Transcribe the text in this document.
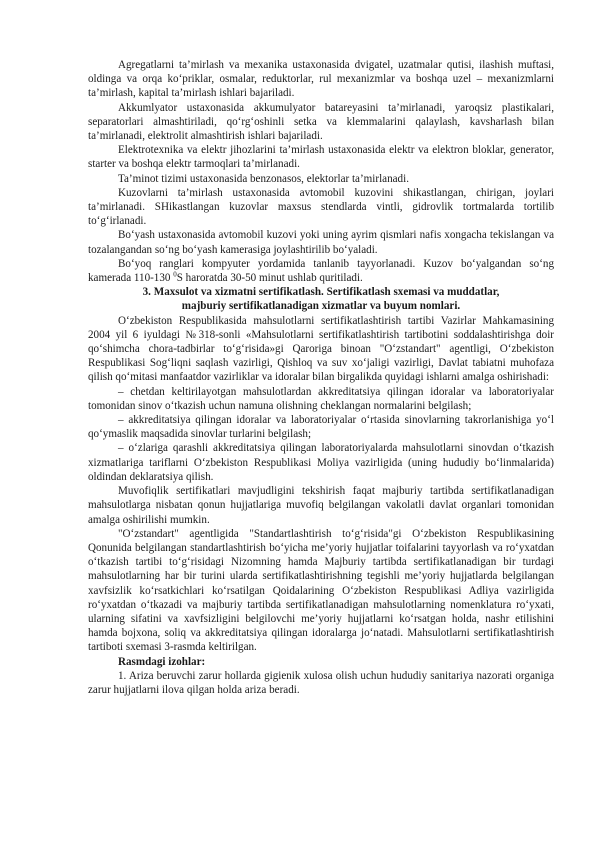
Agregatlarni ta’mirlash va mexanika ustaxonasida dvigatel, uzatmalar qutisi, ilashish muftasi, oldinga va orqa ko‘priklar, osmalar, reduktorlar, rul mexanizmlar va boshqa uzel – mexanizmlarni ta’mirlash, kapital ta’mirlash ishlari bajariladi.

Akkumlyator ustaxonasida akkumulyator batareyasini ta’mirlanadi, yaroqsiz plastikalari, separatorlari almashtiriladi, qo‘rg‘oshinli setka va klemmalarini qalaylash, kavsharlash bilan ta’mirlanadi, elektrolit almashtirish ishlari bajariladi.

Elektrotexnika va elektr jihozlarini ta’mirlash ustaxonasida elektr va elektron bloklar, generator, starter va boshqa elektr tarmoqlari ta’mirlanadi.

Ta’minot tizimi ustaxonasida benzonasos, elektorlar ta’mirlanadi.

Kuzovlarni ta’mirlash ustaxonasida avtomobil kuzovini shikastlangan, chirigan, joylari ta’mirlanadi. SHikastlangan kuzovlar maxsus stendlarda vintli, gidrovlik tortmalarda tortilib to‘g‘irlanadi.

Bo‘yash ustaxonasida avtomobil kuzovi yoki uning ayrim qismlari nafis xongacha tekislangan va tozalangandan so‘ng bo‘yash kamerasiga joylashtirilib bo‘yaladi.

Bo‘yoq ranglari kompyuter yordamida tanlanib tayyorlanadi. Kuzov bo‘yalgandan so‘ng kamerada 110-130 $^0$S haroratda 30-50 minut ushlab quritiladi.

3. Maxsulot va xizmatni sertifikatlash. Sertifikatlash sxemasi va muddatlar,

majburiy sertifikatlanadigan xizmatlar va buyum nomlari.

O‘zbekiston Respublikasida mahsulotlarni sertifikatlashtirish tartibi Vazirlar Mahkamasining 2004 yil 6 iyuldagi №318-sonli «Mahsulotlarni sertifikatlashtirish tartibotini soddalashtirishga doir qo‘shimcha chora-tadbirlar to‘g‘risida»gi Qaroriga binoan "O‘zstandart" agentligi, O‘zbekiston Respublikasi Sog‘liqni saqlash vazirligi, Qishloq va suv xo‘jaligi vazirligi, Davlat tabiatni muhofaza qilish qo‘mitasi manfaatdor vazirliklar va idoralar bilan birgalikda quyidagi ishlarni amalga oshirishadi:

– chetdan keltirilayotgan mahsulotlardan akkreditatsiya qilingan idoralar va laboratoriyalar tomonidan sinov o‘tkazish uchun namuna olishning cheklangan normalarini belgilash;

– akkreditatsiya qilingan idoralar va laboratoriyalar o‘rtasida sinovlarning takrorlanishiga yo‘l qo‘ymaslik maqsadida sinovlar turlarini belgilash;

– o‘zlariga qarashli akkreditatsiya qilingan laboratoriyalarda mahsulotlarni sinovdan o‘tkazish xizmatlariga tariflarni O‘zbekiston Respublikasi Moliya vazirligida (uning hududiy bo‘linmalarida) oldindan deklaratsiya qilish.

Muvofiqlik sertifikatlari mavjudligini tekshirish faqat majburiy tartibda sertifikatlanadigan mahsulotlarga nisbatan qonun hujjatlariga muvofiq belgilangan vakolatli davlat organlari tomonidan amalga oshirilishi mumkin.

"O‘zstandart" agentligida "Standartlashtirish to‘g‘risida"gi O‘zbekiston Respublikasining Qonunida belgilangan standartlashtirish bo‘yicha me’yoriy hujjatlar toifalarini tayyorlash va ro‘yxatdan o‘tkazish tartibi to‘g‘risidagi Nizomning hamda Majburiy tartibda sertifikatlanadigan bir turdagi mahsulotlarning har bir turini ularda sertifikatlashtirishning tegishli me’yoriy hujjatlarda belgilangan xavfsizlik ko‘rsatkichlari ko‘rsatilgan Qoidalarining O‘zbekiston Respublikasi Adliya vazirligida ro‘yxatdan o‘tkazadi va majburiy tartibda sertifikatlanadigan mahsulotlarning nomenklatura ro‘yxati, ularning sifatini va xavfsizligini belgilovchi me’yoriy hujjatlarni ko‘rsatgan holda, nashr etilishini hamda bojxona, soliq va akkreditatsiya qilingan idoralarga jo‘natadi. Mahsulotlarni sertifikatlashtirish tartiboti sxemasi 3-rasmda keltirilgan.

Rasmdagi izohlar:

1. Ariza beruvchi zarur hollarda gigienik xulosa olish uchun hududiy sanitariya nazorati organiga zarur hujjatlarni ilova qilgan holda ariza beradi.
